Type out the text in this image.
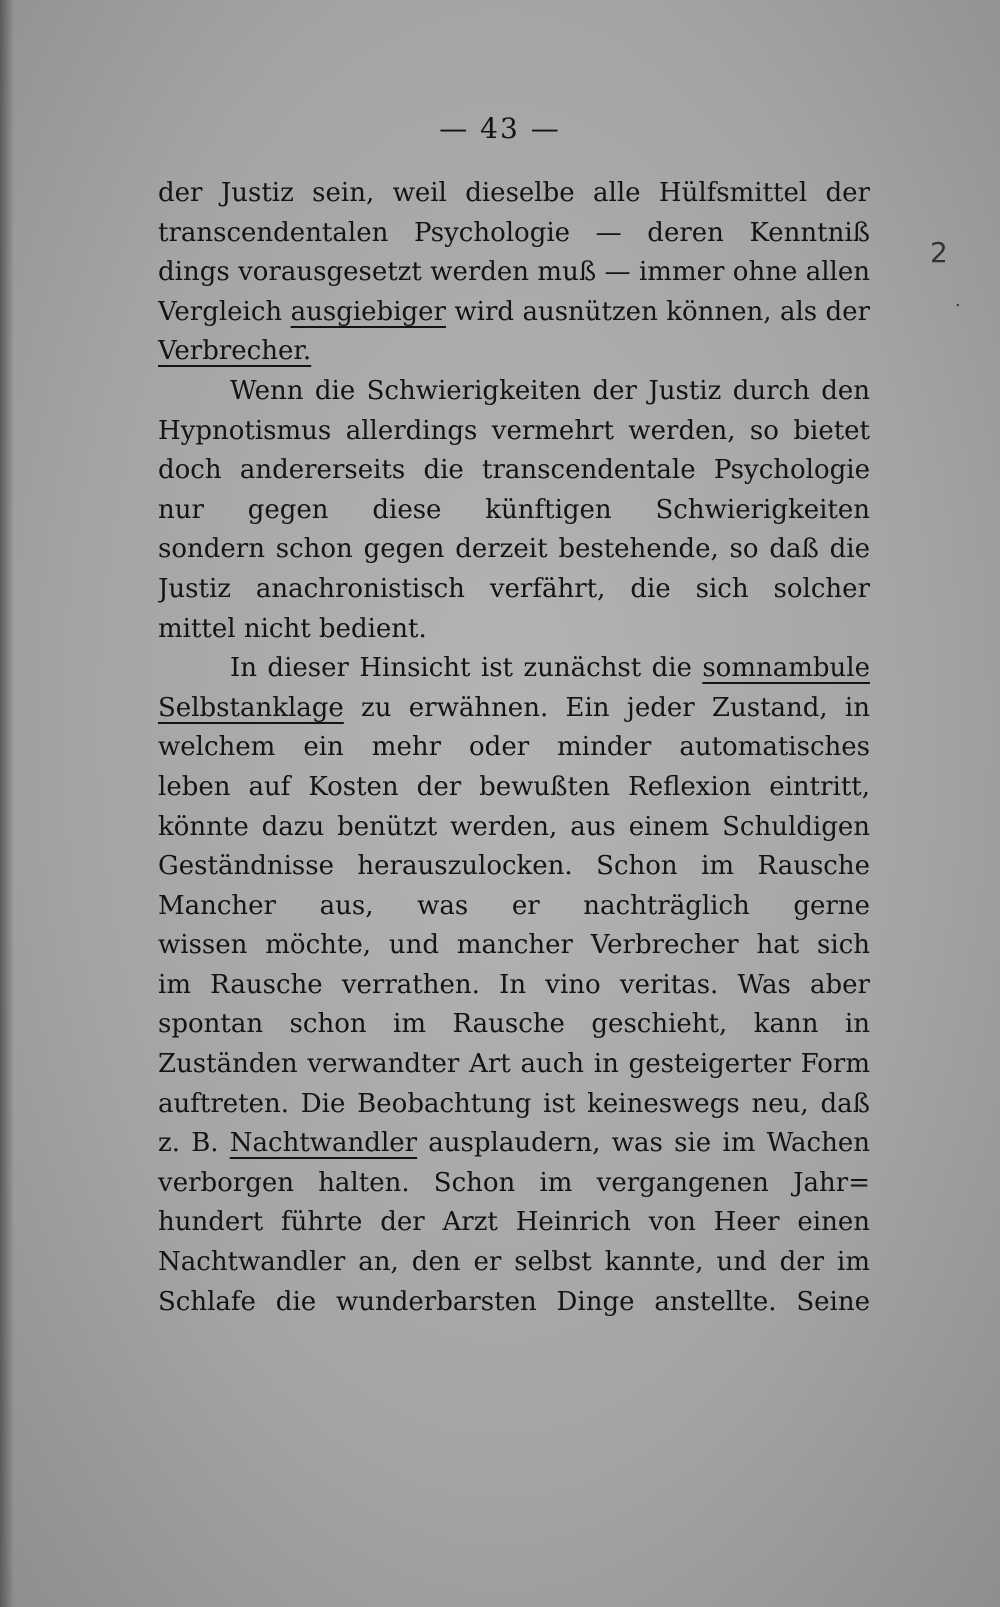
— 43 —
2
.
der Justiz sein, weil dieselbe alle Hülfsmittel der
transcendentalen Psychologie — deren Kenntniß
dings vorausgesetzt werden muß — immer ohne allen
Vergleich ausgiebiger wird ausnützen können, als der
Verbrecher.
Wenn die Schwierigkeiten der Justiz durch den
Hypnotismus allerdings vermehrt werden, so bietet
doch andererseits die transcendentale Psychologie
nur gegen diese künftigen Schwierigkeiten
sondern schon gegen derzeit bestehende, so daß die
Justiz anachronistisch verfährt, die sich solcher
mittel nicht bedient.
In dieser Hinsicht ist zunächst die somnambule
Selbstanklage zu erwähnen. Ein jeder Zustand, in
welchem ein mehr oder minder automatisches
leben auf Kosten der bewußten Reflexion eintritt,
könnte dazu benützt werden, aus einem Schuldigen
Geständnisse herauszulocken. Schon im Rausche
Mancher aus, was er nachträglich gerne
wissen möchte, und mancher Verbrecher hat sich
im Rausche verrathen. In vino veritas. Was aber
spontan schon im Rausche geschieht, kann in
Zuständen verwandter Art auch in gesteigerter Form
auftreten. Die Beobachtung ist keineswegs neu, daß
z. B. Nachtwandler ausplaudern, was sie im Wachen
verborgen halten. Schon im vergangenen Jahr=
hundert führte der Arzt Heinrich von Heer einen
Nachtwandler an, den er selbst kannte, und der im
Schlafe die wunderbarsten Dinge anstellte. Seine
